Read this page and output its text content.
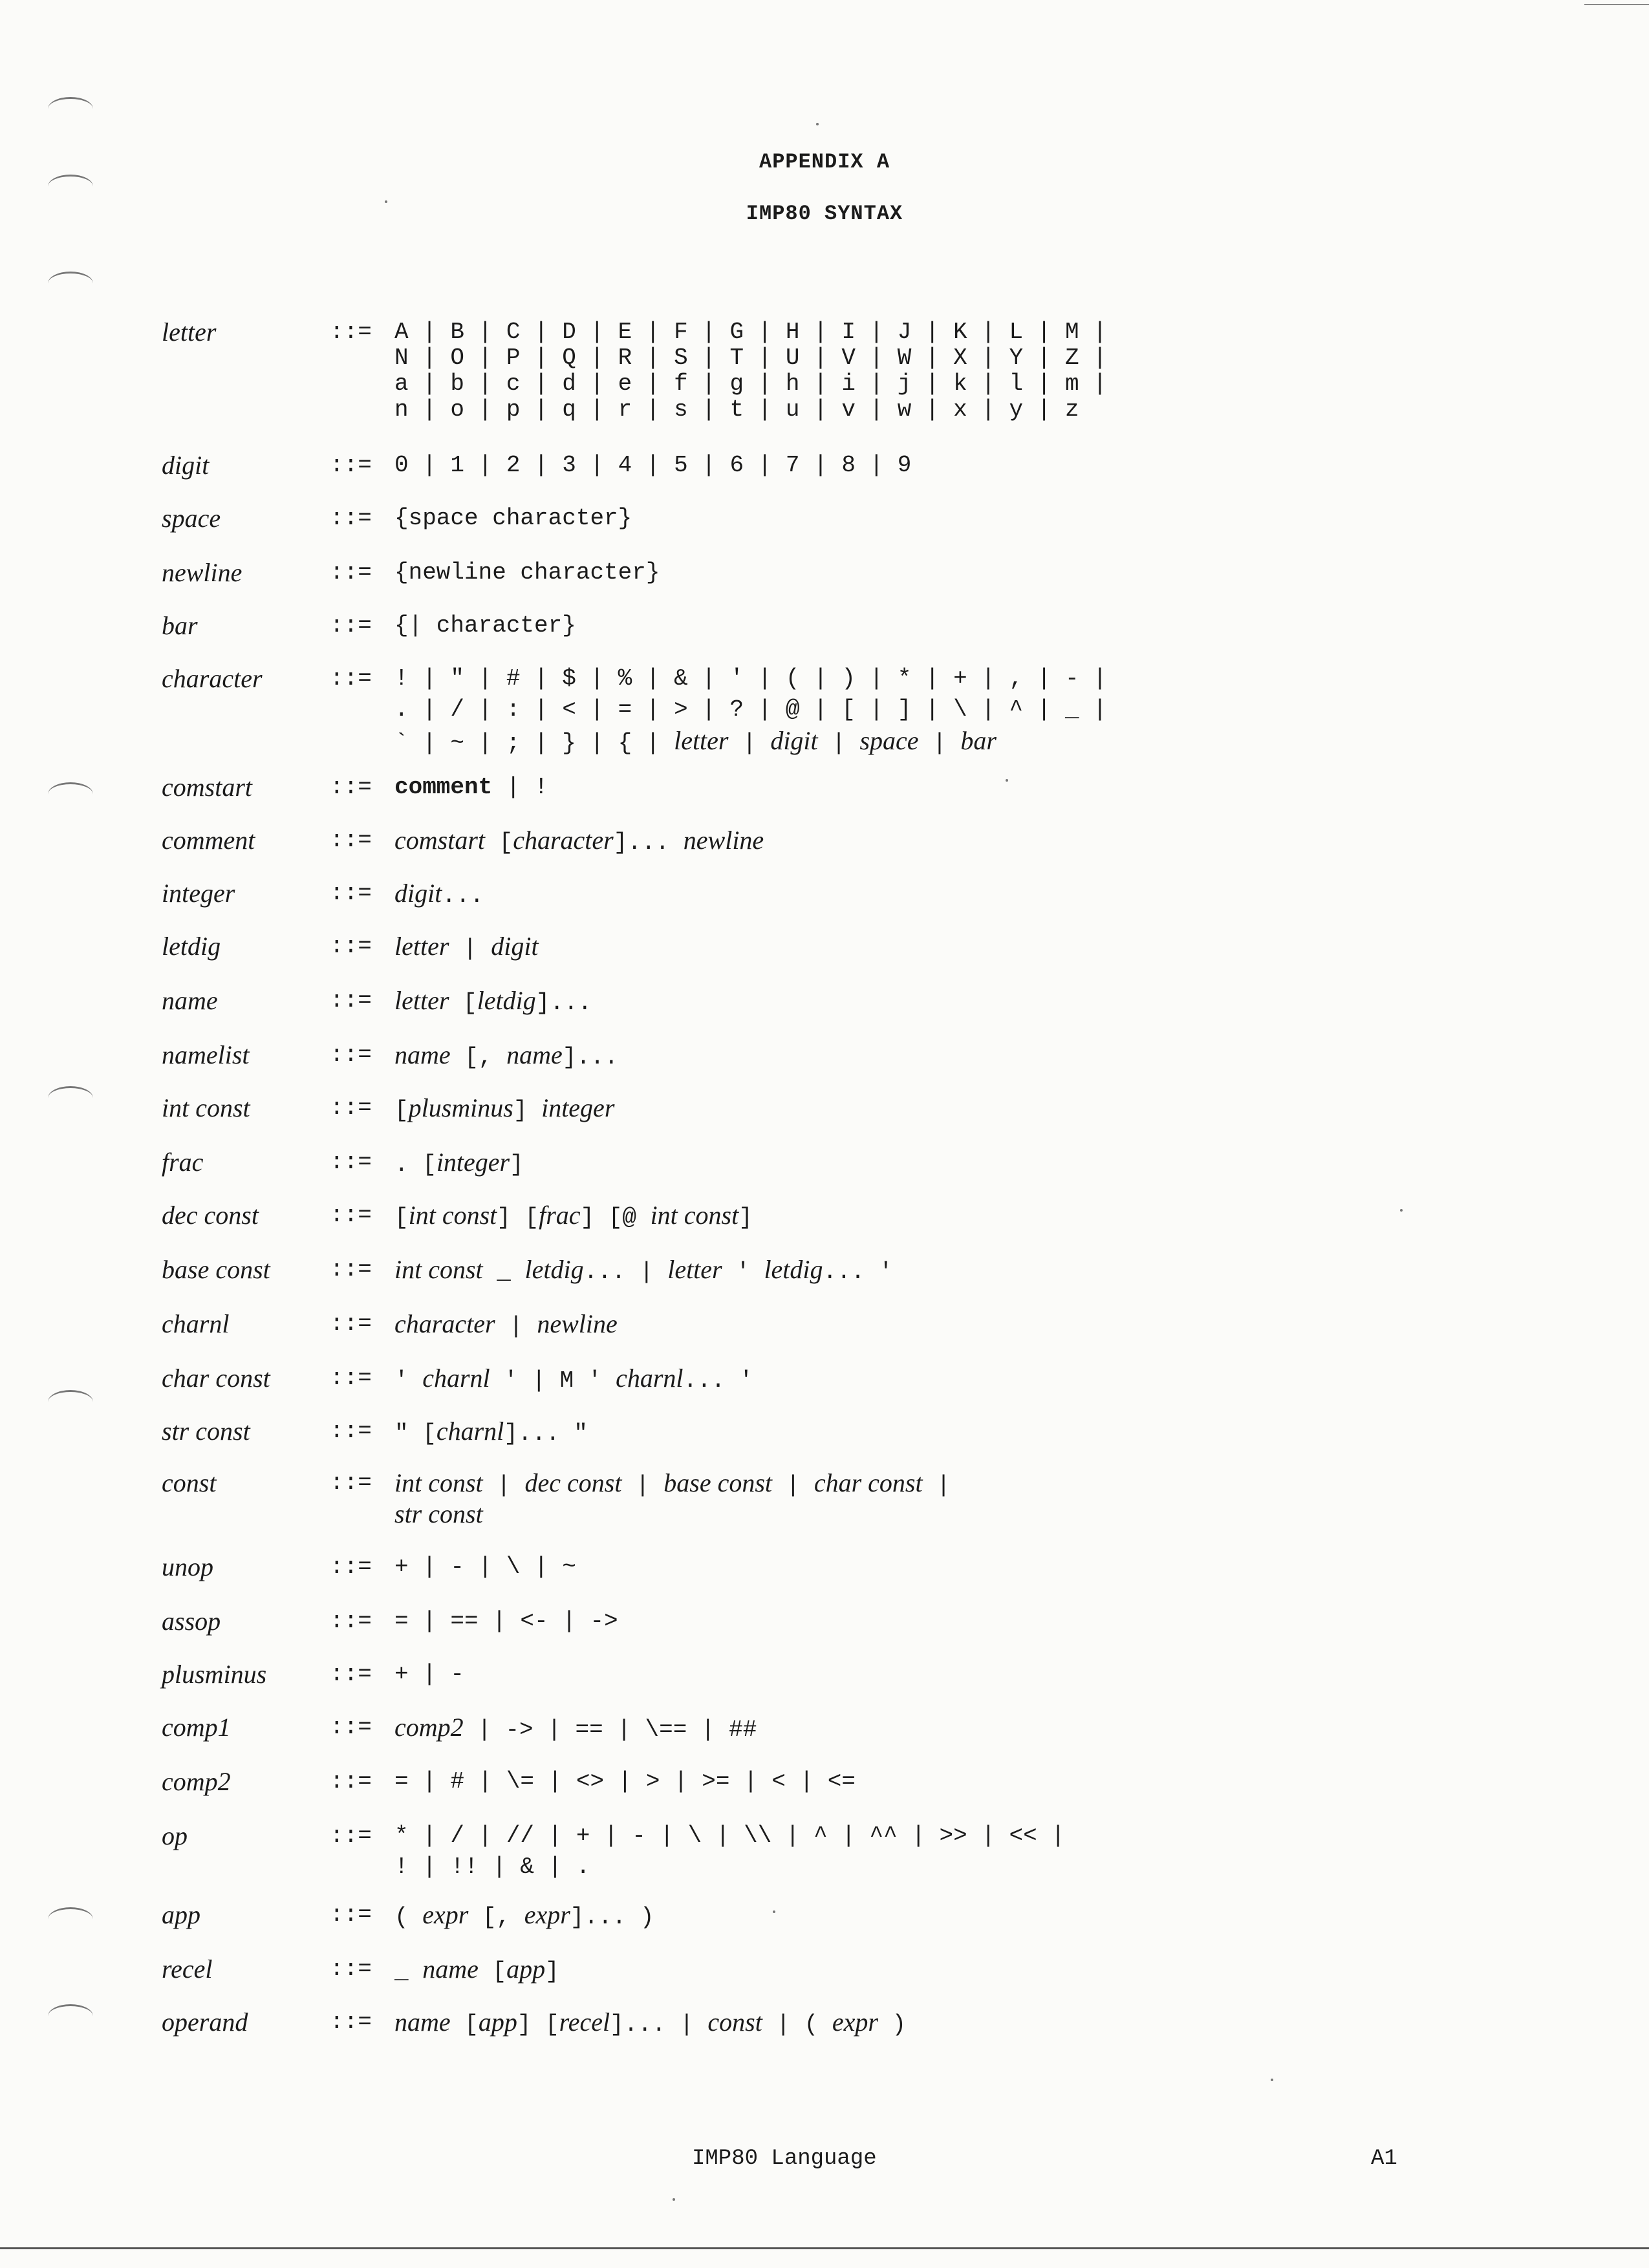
APPENDIX A
IMP80 SYNTAX
letter	::= A | B | C | D | E | F | G | H | I | J | K | L | M |
N | O | P | Q | R | S | T | U | V | W | X | Y | Z |
a | b | c | d | e | f | g | h | i | j | k | l | m |
n | o | p | q | r | s | t | u | v | w | x | y | z
digit	::= 0 | 1 | 2 | 3 | 4 | 5 | 6 | 7 | 8 | 9
space	::= {space character}
newline	::= {newline character}
bar	::= {| character}
character	::= ! | " | # | $ | % | & | ' | ( | ) | * | + | , | - |
. | / | : | < | = | > | ? | @ | [ | ] | \ | ^ | _ |
` | ~ | ; | } | { | letter | digit | space | bar
comstart	::= comment | !
comment	::= comstart [character]... newline
integer	::= digit...
letdig	::= letter | digit
name	::= letter [letdig]...
namelist	::= name [, name]...
int const	::= [plusminus] integer
frac	::= . [integer]
dec const	::= [int const] [frac] [@ int const]
base const	::= int const _ letdig... | letter ' letdig... '
charnl	::= character | newline
char const	::= ' charnl ' | M ' charnl... '
str const	::= " [charnl]... "
const	::= int const | dec const | base const | char const |
str const
unop	::= + | - | \ | ~
assop	::= = | == | <- | ->
plusminus	::= + | -
comp1	::= comp2 | -> | == | \== | ##
comp2	::= = | # | \= | <> | > | >= | < | <=
op	::= * | / | // | + | - | \ | \\ | ^ | ^^ | >> | << |
! | !! | & | .
app	::= ( expr [, expr]... )
recel	::= _ name [app]
operand	::= name [app] [recel]... | const | ( expr )
IMP80 Language	A1
